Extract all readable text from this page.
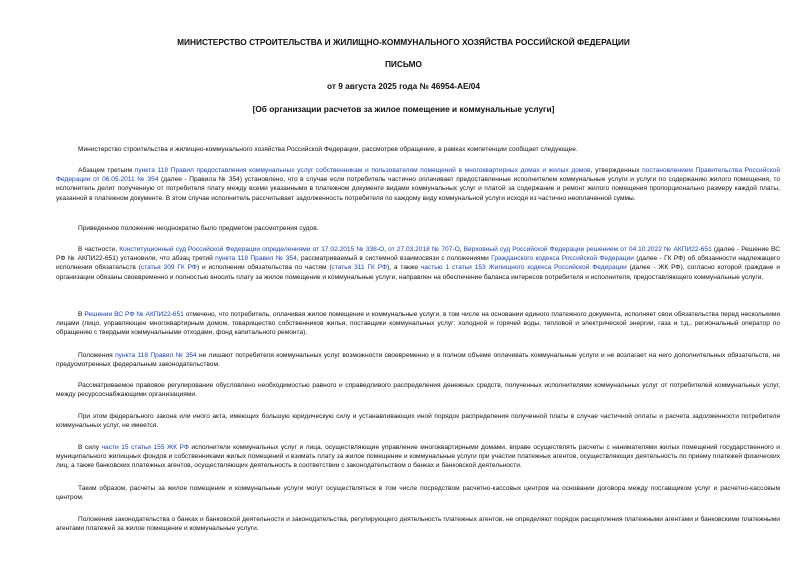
МИНИСТЕРСТВО СТРОИТЕЛЬСТВА И ЖИЛИЩНО-КОММУНАЛЬНОГО ХОЗЯЙСТВА РОССИЙСКОЙ ФЕДЕРАЦИИ
ПИСЬМО
от 9 августа 2025 года № 46954-АЕ/04
[Об организации расчетов за жилое помещение и коммунальные услуги]
Министерство строительства и жилищно-коммунального хозяйства Российской Федерации, рассмотрев обращение, в рамках компетенции сообщает следующее.
Абзацем третьим пункта 118 Правил предоставления коммунальных услуг собственникам и пользователям помещений в многоквартирных домах и жилых домов, утвержденных постановлением Правительства Российской Федерации от 06.05.2011 № 354 (далее - Правила № 354) установлено, что в случае если потребитель частично оплачивает предоставленные исполнителем коммунальные услуги и услуги по содержанию жилого помещения, то исполнитель делит полученную от потребителя плату между всеми указанными в платежном документе видами коммунальных услуг и платой за содержание и ремонт жилого помещения пропорционально размеру каждой платы, указанной в платежном документе. В этом случае исполнитель рассчитывает задолженность потребителя по каждому виду коммунальной услуги исходя из частично неоплаченной суммы.
Приведенное положение неоднократно было предметом рассмотрения судов.
В частности, Конституционный суд Российской Федерации определениями от 17.02.2015 № 338-О, от 27.03.2018 № 707-О, Верховный суд Российской Федерации решением от 04.10.2022 № АКПИ22-651 (далее - Решение ВС РФ № АКПИ22-651) установили, что абзац третий пункта 118 Правил № 354, рассматриваемый в системной взаимосвязи с положениями Гражданского кодекса Российской Федерации (далее - ГК РФ) об обязанности надлежащего исполнения обязательств (статья 309 ГК РФ) и исполнении обязательства по частям (статья 311 ГК РФ), а также частью 1 статьи 153 Жилищного кодекса Российской Федерации (далее - ЖК РФ), согласно которой граждане и организации обязаны своевременно и полностью вносить плату за жилое помещение и коммунальные услуги, направлен на обеспечение баланса интересов потребителя и исполнителя, предоставляющего коммунальные услуги.
В Решении ВС РФ № АКПИ22-651 отмечено, что потребитель, оплачивая жилое помещение и коммунальные услуги, в том числе на основании единого платежного документа, исполняет свои обязательства перед несколькими лицами (лицо, управляющее многоквартирным домом, товарищество собственников жилья, поставщики коммунальных услуг: холодной и горячей воды, тепловой и электрической энергии, газа и т.д., региональный оператор по обращению с твердыми коммунальными отходами, фонд капитального ремонта).
Положения пункта 118 Правил № 354 не лишают потребителя коммунальных услуг возможности своевременно и в полном объеме оплачивать коммунальные услуги и не возлагает на него дополнительных обязательств, не предусмотренных федеральным законодательством.
Рассматриваемое правовое регулирование обусловлено необходимостью равного и справедливого распределения денежных средств, полученных исполнителями коммунальных услуг от потребителей коммунальных услуг, между ресурсоснабжающими организациями.
При этом федерального закона или иного акта, имеющих большую юридическую силу и устанавливающих иной порядок распределения полученной платы в случае частичной оплаты и расчета задолженности потребителя коммунальных услуг, не имеется.
В силу части 15 статьи 155 ЖК РФ исполнители коммунальных услуг и лица, осуществляющие управление многоквартирными домами, вправе осуществлять расчеты с нанимателями жилых помещений государственного и муниципального жилищных фондов и собственниками жилых помещений и взимать плату за жилое помещение и коммунальные услуги при участии платежных агентов, осуществляющих деятельность по приему платежей физических лиц, а также банковских платежных агентов, осуществляющих деятельность в соответствии с законодательством о банках и банковской деятельности.
Таким образом, расчеты за жилое помещение и коммунальные услуги могут осуществляться в том числе посредством расчетно-кассовых центров на основании договора между поставщиком услуг и расчетно-кассовым центром.
Положения законодательства о банках и банковской деятельности и законодательства, регулирующего деятельность платежных агентов, не определяют порядок расщепления платежными агентами и банковскими платежными агентами платежей за жилое помещение и коммунальные услуги.
